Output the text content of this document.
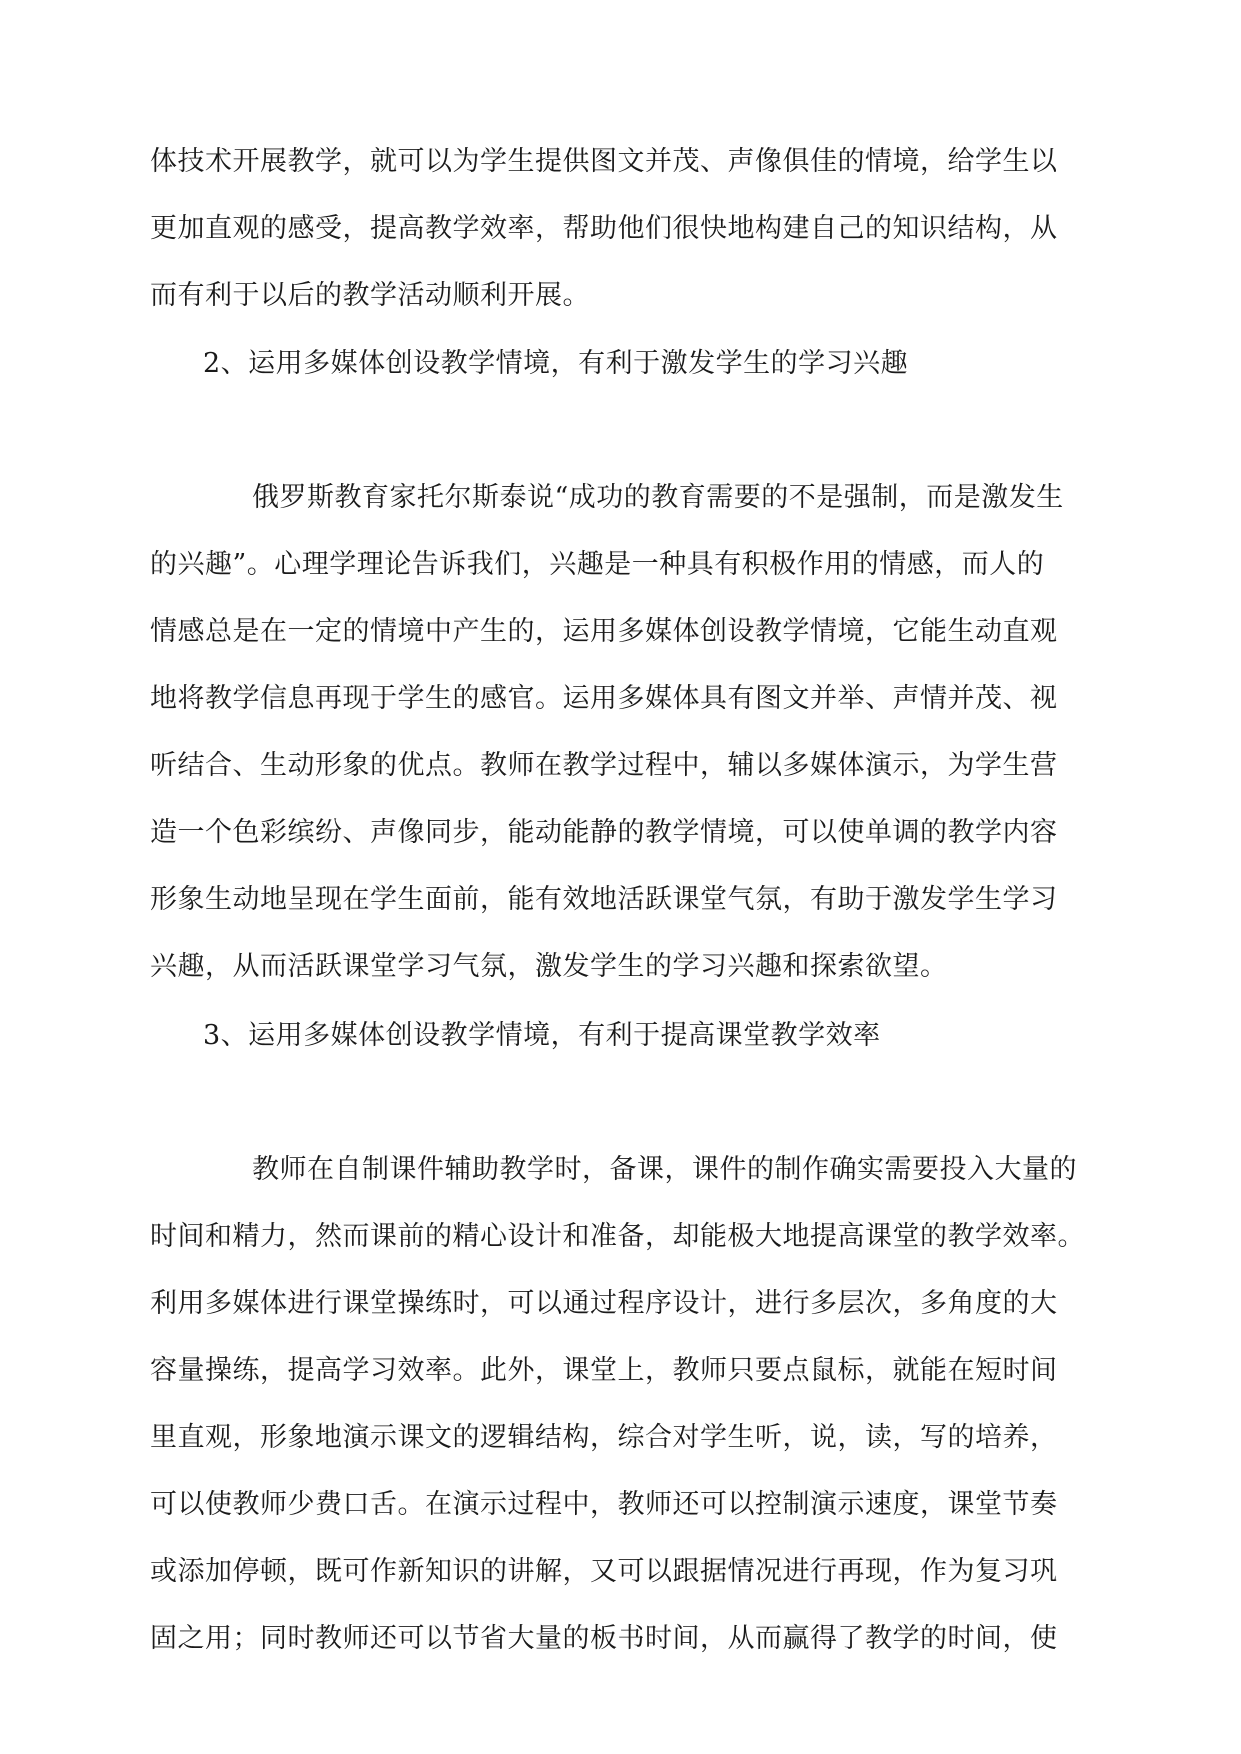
体技术开展教学，就可以为学生提供图文并茂、声像俱佳的情境，给学生以
更加直观的感受，提高教学效率，帮助他们很快地构建自己的知识结构，从
而有利于以后的教学活动顺利开展。
2、运用多媒体创设教学情境，有利于激发学生的学习兴趣
俄罗斯教育家托尔斯泰说“成功的教育需要的不是强制，而是激发生
的兴趣”。心理学理论告诉我们，兴趣是一种具有积极作用的情感，而人的
情感总是在一定的情境中产生的，运用多媒体创设教学情境，它能生动直观
地将教学信息再现于学生的感官。运用多媒体具有图文并举、声情并茂、视
听结合、生动形象的优点。教师在教学过程中，辅以多媒体演示，为学生营
造一个色彩缤纷、声像同步，能动能静的教学情境，可以使单调的教学内容
形象生动地呈现在学生面前，能有效地活跃课堂气氛，有助于激发学生学习
兴趣，从而活跃课堂学习气氛，激发学生的学习兴趣和探索欲望。
3、运用多媒体创设教学情境，有利于提高课堂教学效率
教师在自制课件辅助教学时，备课，课件的制作确实需要投入大量的
时间和精力，然而课前的精心设计和准备，却能极大地提高课堂的教学效率。
利用多媒体进行课堂操练时，可以通过程序设计，进行多层次，多角度的大
容量操练，提高学习效率。此外，课堂上，教师只要点鼠标，就能在短时间
里直观，形象地演示课文的逻辑结构，综合对学生听，说，读，写的培养，
可以使教师少费口舌。在演示过程中，教师还可以控制演示速度，课堂节奏
或添加停顿，既可作新知识的讲解，又可以跟据情况进行再现，作为复习巩
固之用；同时教师还可以节省大量的板书时间，从而赢得了教学的时间，使
